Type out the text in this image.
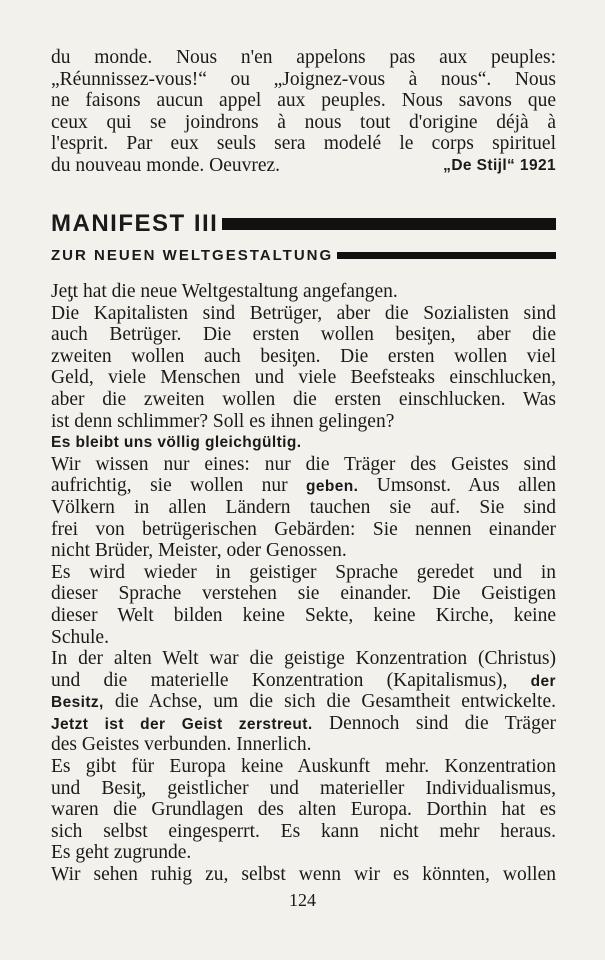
du monde. Nous n'en appelons pas aux peuples:
„Réunnissez-vous!“ ou „Joignez-vous à nous“. Nous
ne faisons aucun appel aux peuples. Nous savons que
ceux qui se joindrons à nous tout d'origine déjà à
l'esprit. Par eux seuls sera modelé le corps spirituel
du nouveau monde. Oeuvrez.	„De Stijl“ 1921
MANIFEST III
ZUR NEUEN WELTGESTALTUNG
Jeƫt hat die neue Weltgestaltung angefangen.
Die Kapitalisten sind Betrüger, aber die Sozialisten sind
auch Betrüger. Die ersten wollen besiƫen, aber die
zweiten wollen auch besiƫen. Die ersten wollen viel
Geld, viele Menschen und viele Beefsteaks einschlucken,
aber die zweiten wollen die ersten einschlucken. Was
ist denn schlimmer? Soll es ihnen gelingen?
Es bleibt uns völlig gleichgültig.
Wir wissen nur eines: nur die Träger des Geistes sind
aufrichtig, sie wollen nur geben. Umsonst. Aus allen
Völkern in allen Ländern tauchen sie auf. Sie sind
frei von betrügerischen Gebärden: Sie nennen einander
nicht Brüder, Meister, oder Genossen.
Es wird wieder in geistiger Sprache geredet und in
dieser Sprache verstehen sie einander. Die Geistigen
dieser Welt bilden keine Sekte, keine Kirche, keine
Schule.
In der alten Welt war die geistige Konzentration (Christus)
und die materielle Konzentration (Kapitalismus), der
Besitz, die Achse, um die sich die Gesamtheit entwickelte.
Jetzt ist der Geist zerstreut. Dennoch sind die Träger
des Geistes verbunden. Innerlich.
Es gibt für Europa keine Auskunft mehr. Konzentration
und Besiƫ, geistlicher und materieller Individualismus,
waren die Grundlagen des alten Europa. Dorthin hat es
sich selbst eingesperrt. Es kann nicht mehr heraus.
Es geht zugrunde.
Wir sehen ruhig zu, selbst wenn wir es könnten, wollen
124
